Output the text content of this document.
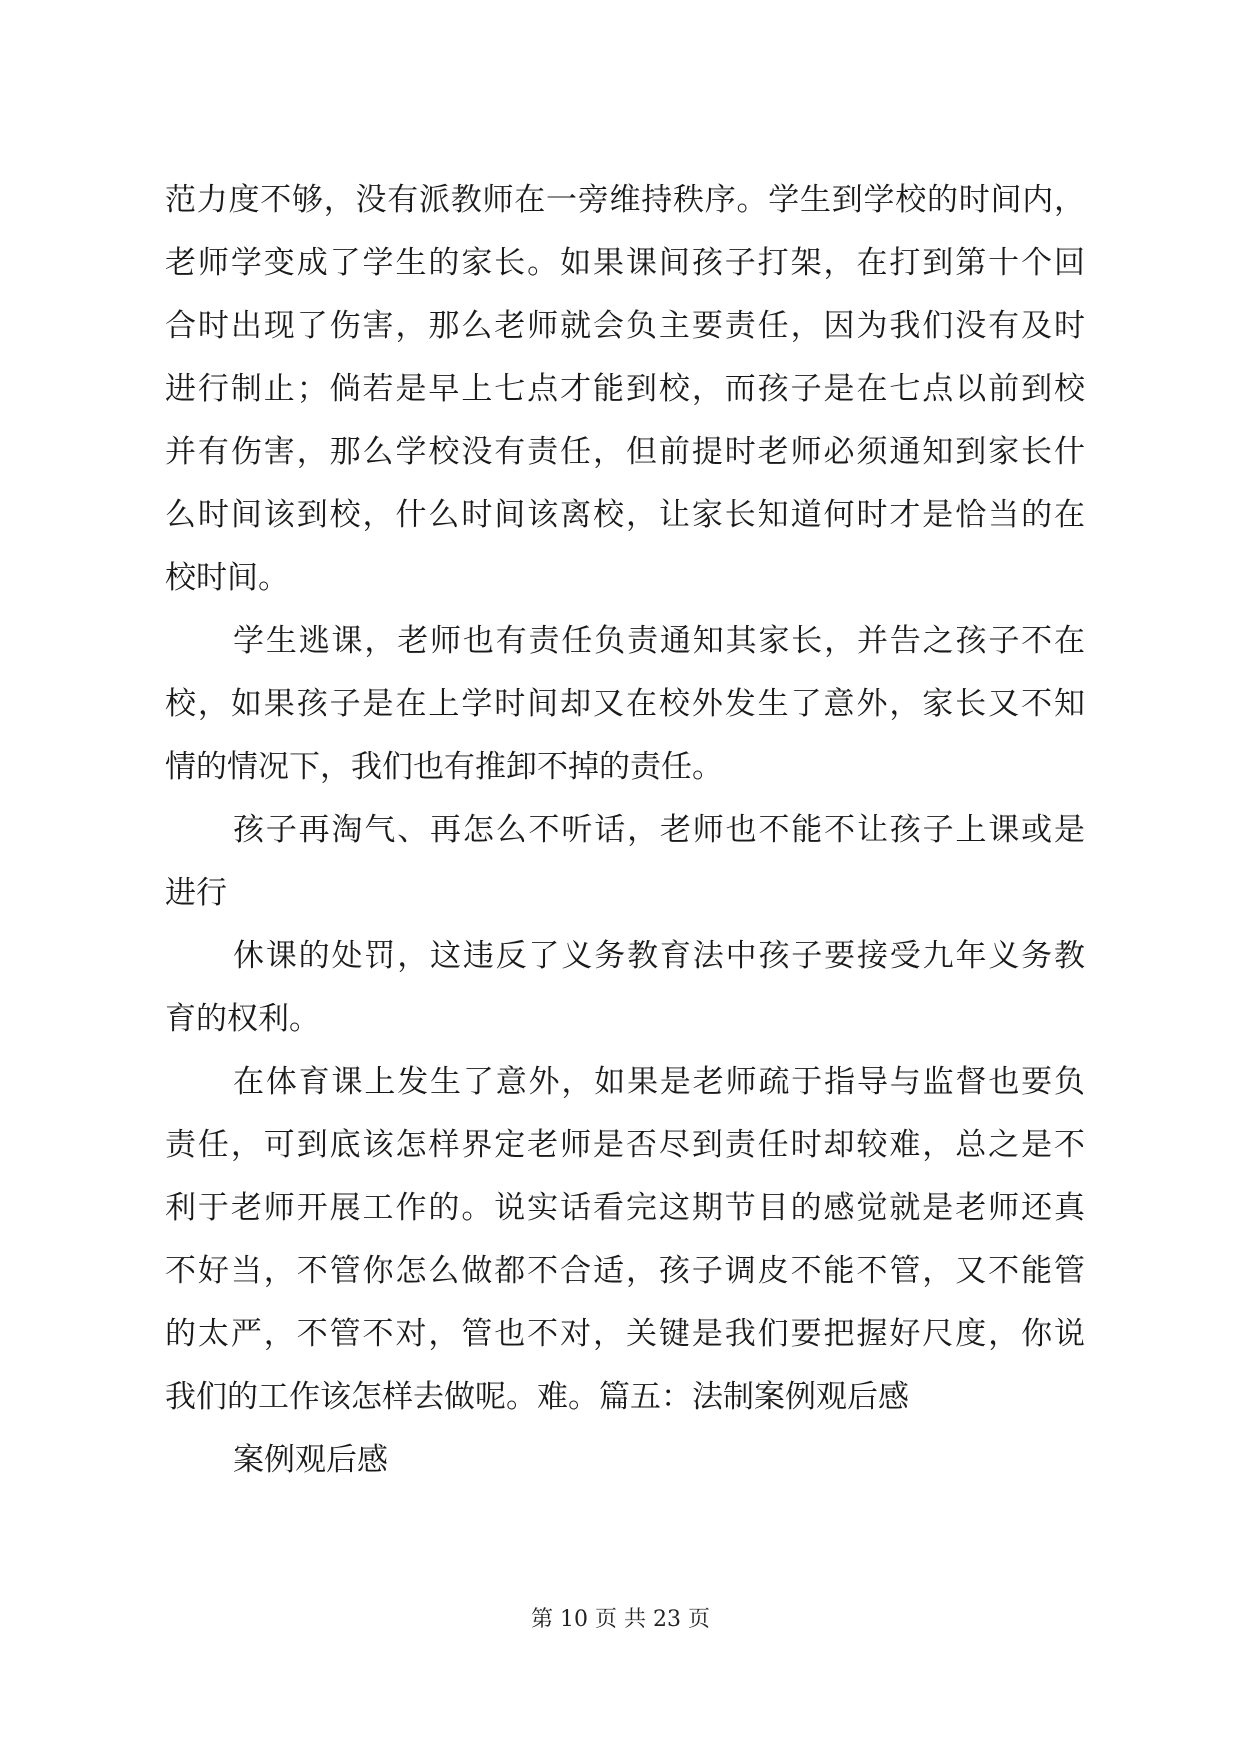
范力度不够，没有派教师在一旁维持秩序。学生到学校的时间内，
老师学变成了学生的家长。如果课间孩子打架，在打到第十个回
合时出现了伤害，那么老师就会负主要责任，因为我们没有及时
进行制止；倘若是早上七点才能到校，而孩子是在七点以前到校
并有伤害，那么学校没有责任，但前提时老师必须通知到家长什
么时间该到校，什么时间该离校，让家长知道何时才是恰当的在
校时间。
学生逃课，老师也有责任负责通知其家长，并告之孩子不在
校，如果孩子是在上学时间却又在校外发生了意外，家长又不知
情的情况下，我们也有推卸不掉的责任。
孩子再淘气、再怎么不听话，老师也不能不让孩子上课或是
进行
休课的处罚，这违反了义务教育法中孩子要接受九年义务教
育的权利。
在体育课上发生了意外，如果是老师疏于指导与监督也要负
责任，可到底该怎样界定老师是否尽到责任时却较难，总之是不
利于老师开展工作的。说实话看完这期节目的感觉就是老师还真
不好当，不管你怎么做都不合适，孩子调皮不能不管，又不能管
的太严，不管不对，管也不对，关键是我们要把握好尺度，你说
我们的工作该怎样去做呢。难。篇五：法制案例观后感
案例观后感
第 10 页 共 23 页
